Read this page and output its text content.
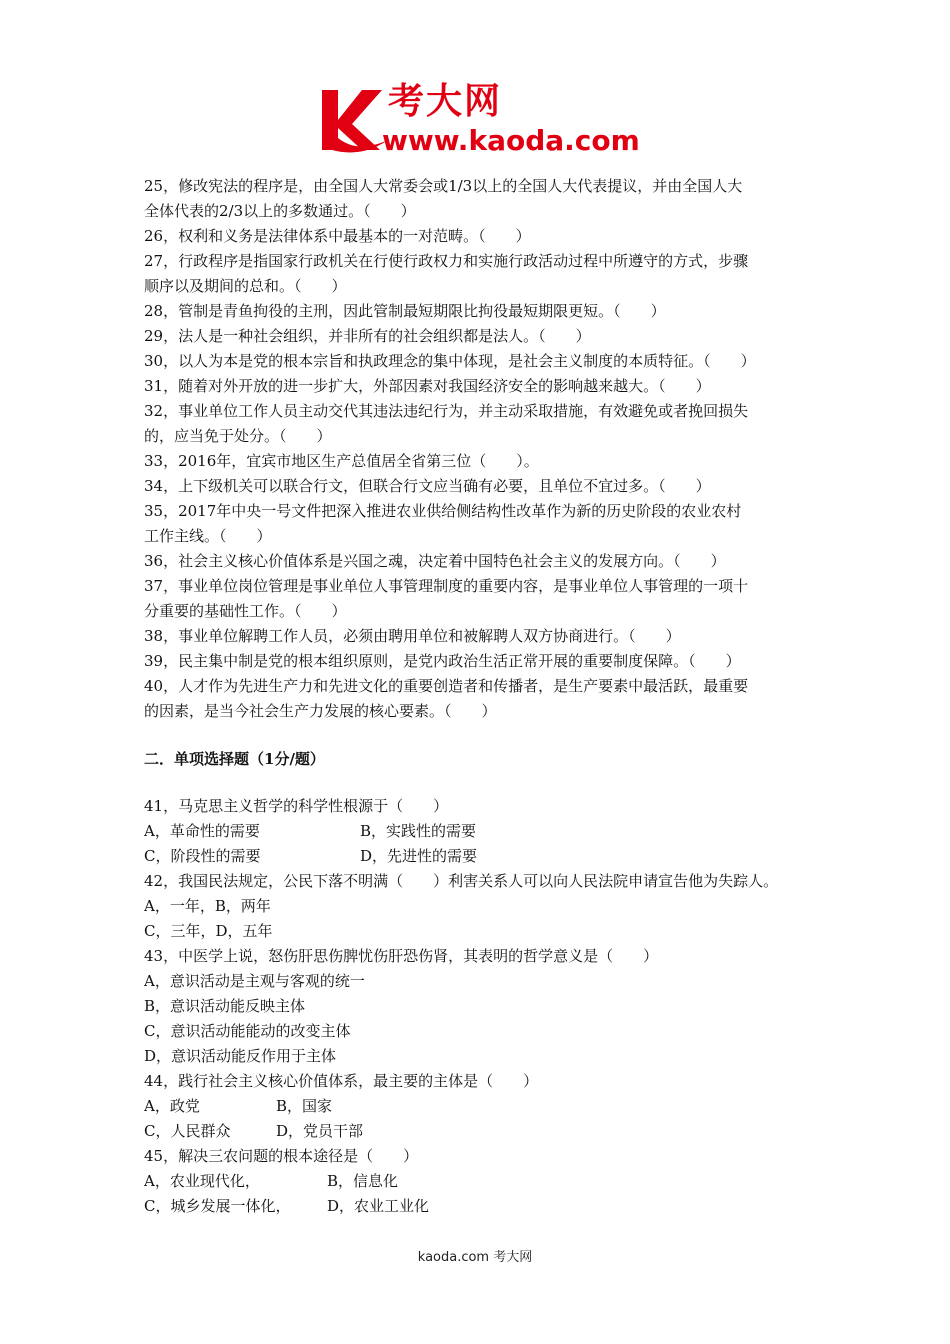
考大网
www.kaoda.com
25，修改宪法的程序是，由全国人大常委会或1/3以上的全国人大代表提议，并由全国人大
全体代表的2/3以上的多数通过。（　　）
26，权利和义务是法律体系中最基本的一对范畴。（　　）
27，行政程序是指国家行政机关在行使行政权力和实施行政活动过程中所遵守的方式，步骤
顺序以及期间的总和。（　　）
28，管制是青鱼拘役的主刑，因此管制最短期限比拘役最短期限更短。（　　）
29，法人是一种社会组织，并非所有的社会组织都是法人。（　　）
30，以人为本是党的根本宗旨和执政理念的集中体现，是社会主义制度的本质特征。（　　）
31，随着对外开放的进一步扩大，外部因素对我国经济安全的影响越来越大。（　　）
32，事业单位工作人员主动交代其违法违纪行为，并主动采取措施，有效避免或者挽回损失
的，应当免于处分。（　　）
33，2016年，宜宾市地区生产总值居全省第三位（　　）。
34，上下级机关可以联合行文，但联合行文应当确有必要，且单位不宜过多。（　　）
35，2017年中央一号文件把深入推进农业供给侧结构性改革作为新的历史阶段的农业农村
工作主线。（　　）
36，社会主义核心价值体系是兴国之魂，决定着中国特色社会主义的发展方向。（　　）
37，事业单位岗位管理是事业单位人事管理制度的重要内容，是事业单位人事管理的一项十
分重要的基础性工作。（　　）
38，事业单位解聘工作人员，必须由聘用单位和被解聘人双方协商进行。（　　）
39，民主集中制是党的根本组织原则，是党内政治生活正常开展的重要制度保障。（　　）
40，人才作为先进生产力和先进文化的重要创造者和传播者，是生产要素中最活跃，最重要
的因素，是当今社会生产力发展的核心要素。（　　）
二．单项选择题（1分/题）
41，马克思主义哲学的科学性根源于（　　）
A，革命性的需要	B，实践性的需要
C，阶段性的需要	D，先进性的需要
42，我国民法规定，公民下落不明满（　　）利害关系人可以向人民法院申请宣告他为失踪人。
A，一年，B，两年
C，三年，D，五年
43，中医学上说，怒伤肝思伤脾忧伤肝恐伤肾，其表明的哲学意义是（　　）
A，意识活动是主观与客观的统一
B，意识活动能反映主体
C，意识活动能能动的改变主体
D，意识活动能反作用于主体
44，践行社会主义核心价值体系，最主要的主体是（　　）
A，政党	B，国家
C，人民群众	D，党员干部
45，解决三农问题的根本途径是（　　）
A，农业现代化，	B，信息化
C，城乡发展一体化，	D，农业工业化
kaoda.com 考大网
